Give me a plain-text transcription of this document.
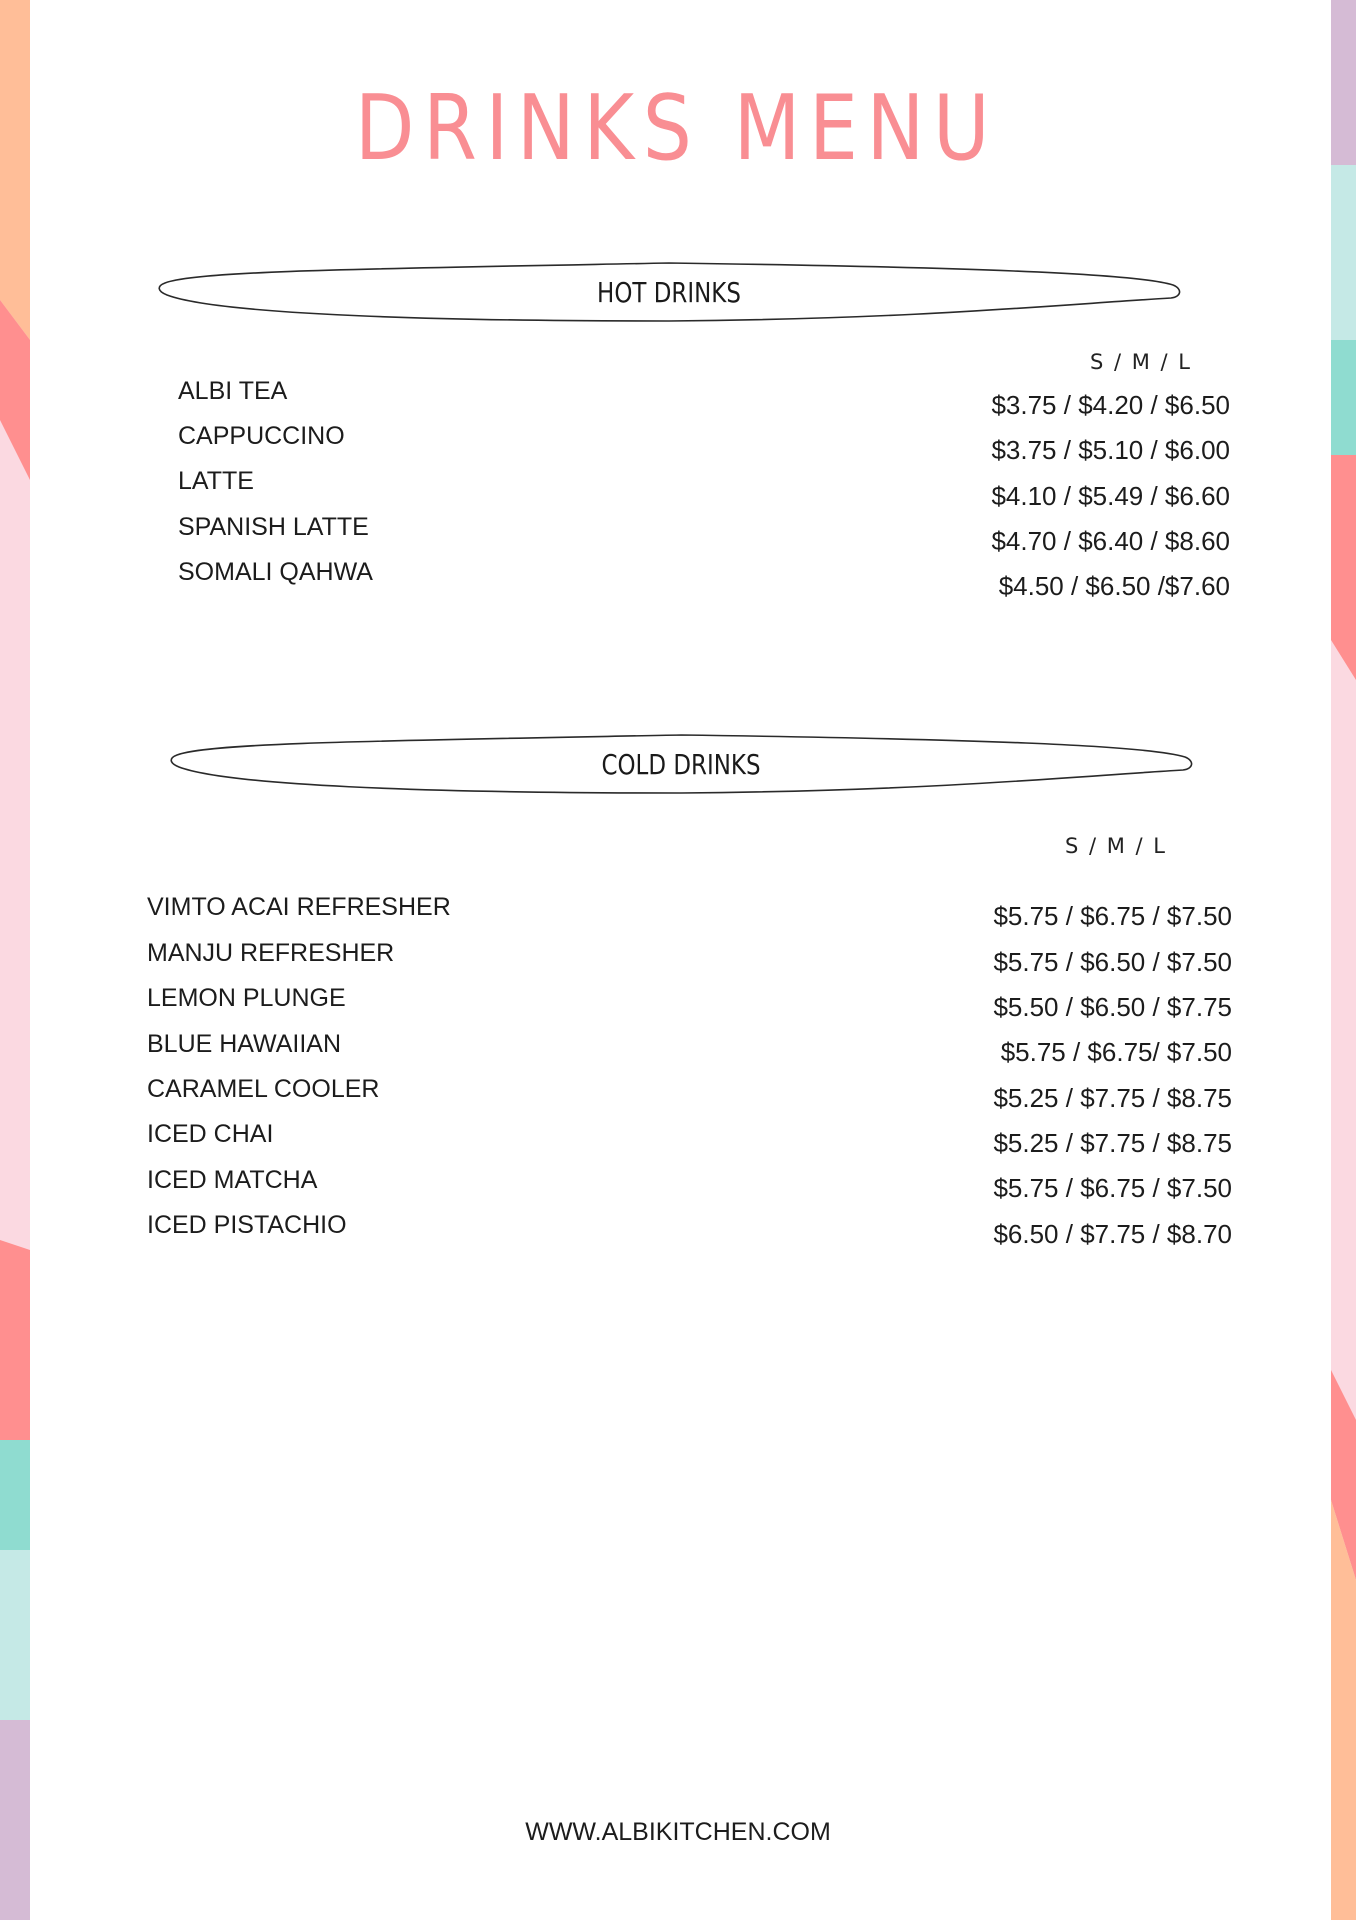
DRINKS MENU
HOT DRINKS
S / M / L
ALBI TEA
CAPPUCCINO
LATTE
SPANISH LATTE
SOMALI QAHWA
$3.75 / $4.20 / $6.50
$3.75 / $5.10 / $6.00
$4.10 / $5.49 / $6.60
$4.70 / $6.40 / $8.60
$4.50 / $6.50 /$7.60
COLD DRINKS
S / M / L
VIMTO ACAI REFRESHER
MANJU REFRESHER
LEMON PLUNGE
BLUE HAWAIIAN
CARAMEL COOLER
ICED CHAI
ICED MATCHA
ICED PISTACHIO
$5.75 / $6.75 / $7.50
$5.75 / $6.50 / $7.50
$5.50 / $6.50 / $7.75
$5.75 / $6.75/ $7.50
$5.25 / $7.75 / $8.75
$5.25 / $7.75 / $8.75
$5.75 / $6.75 / $7.50
$6.50 / $7.75 / $8.70
WWW.ALBIKITCHEN.COM
